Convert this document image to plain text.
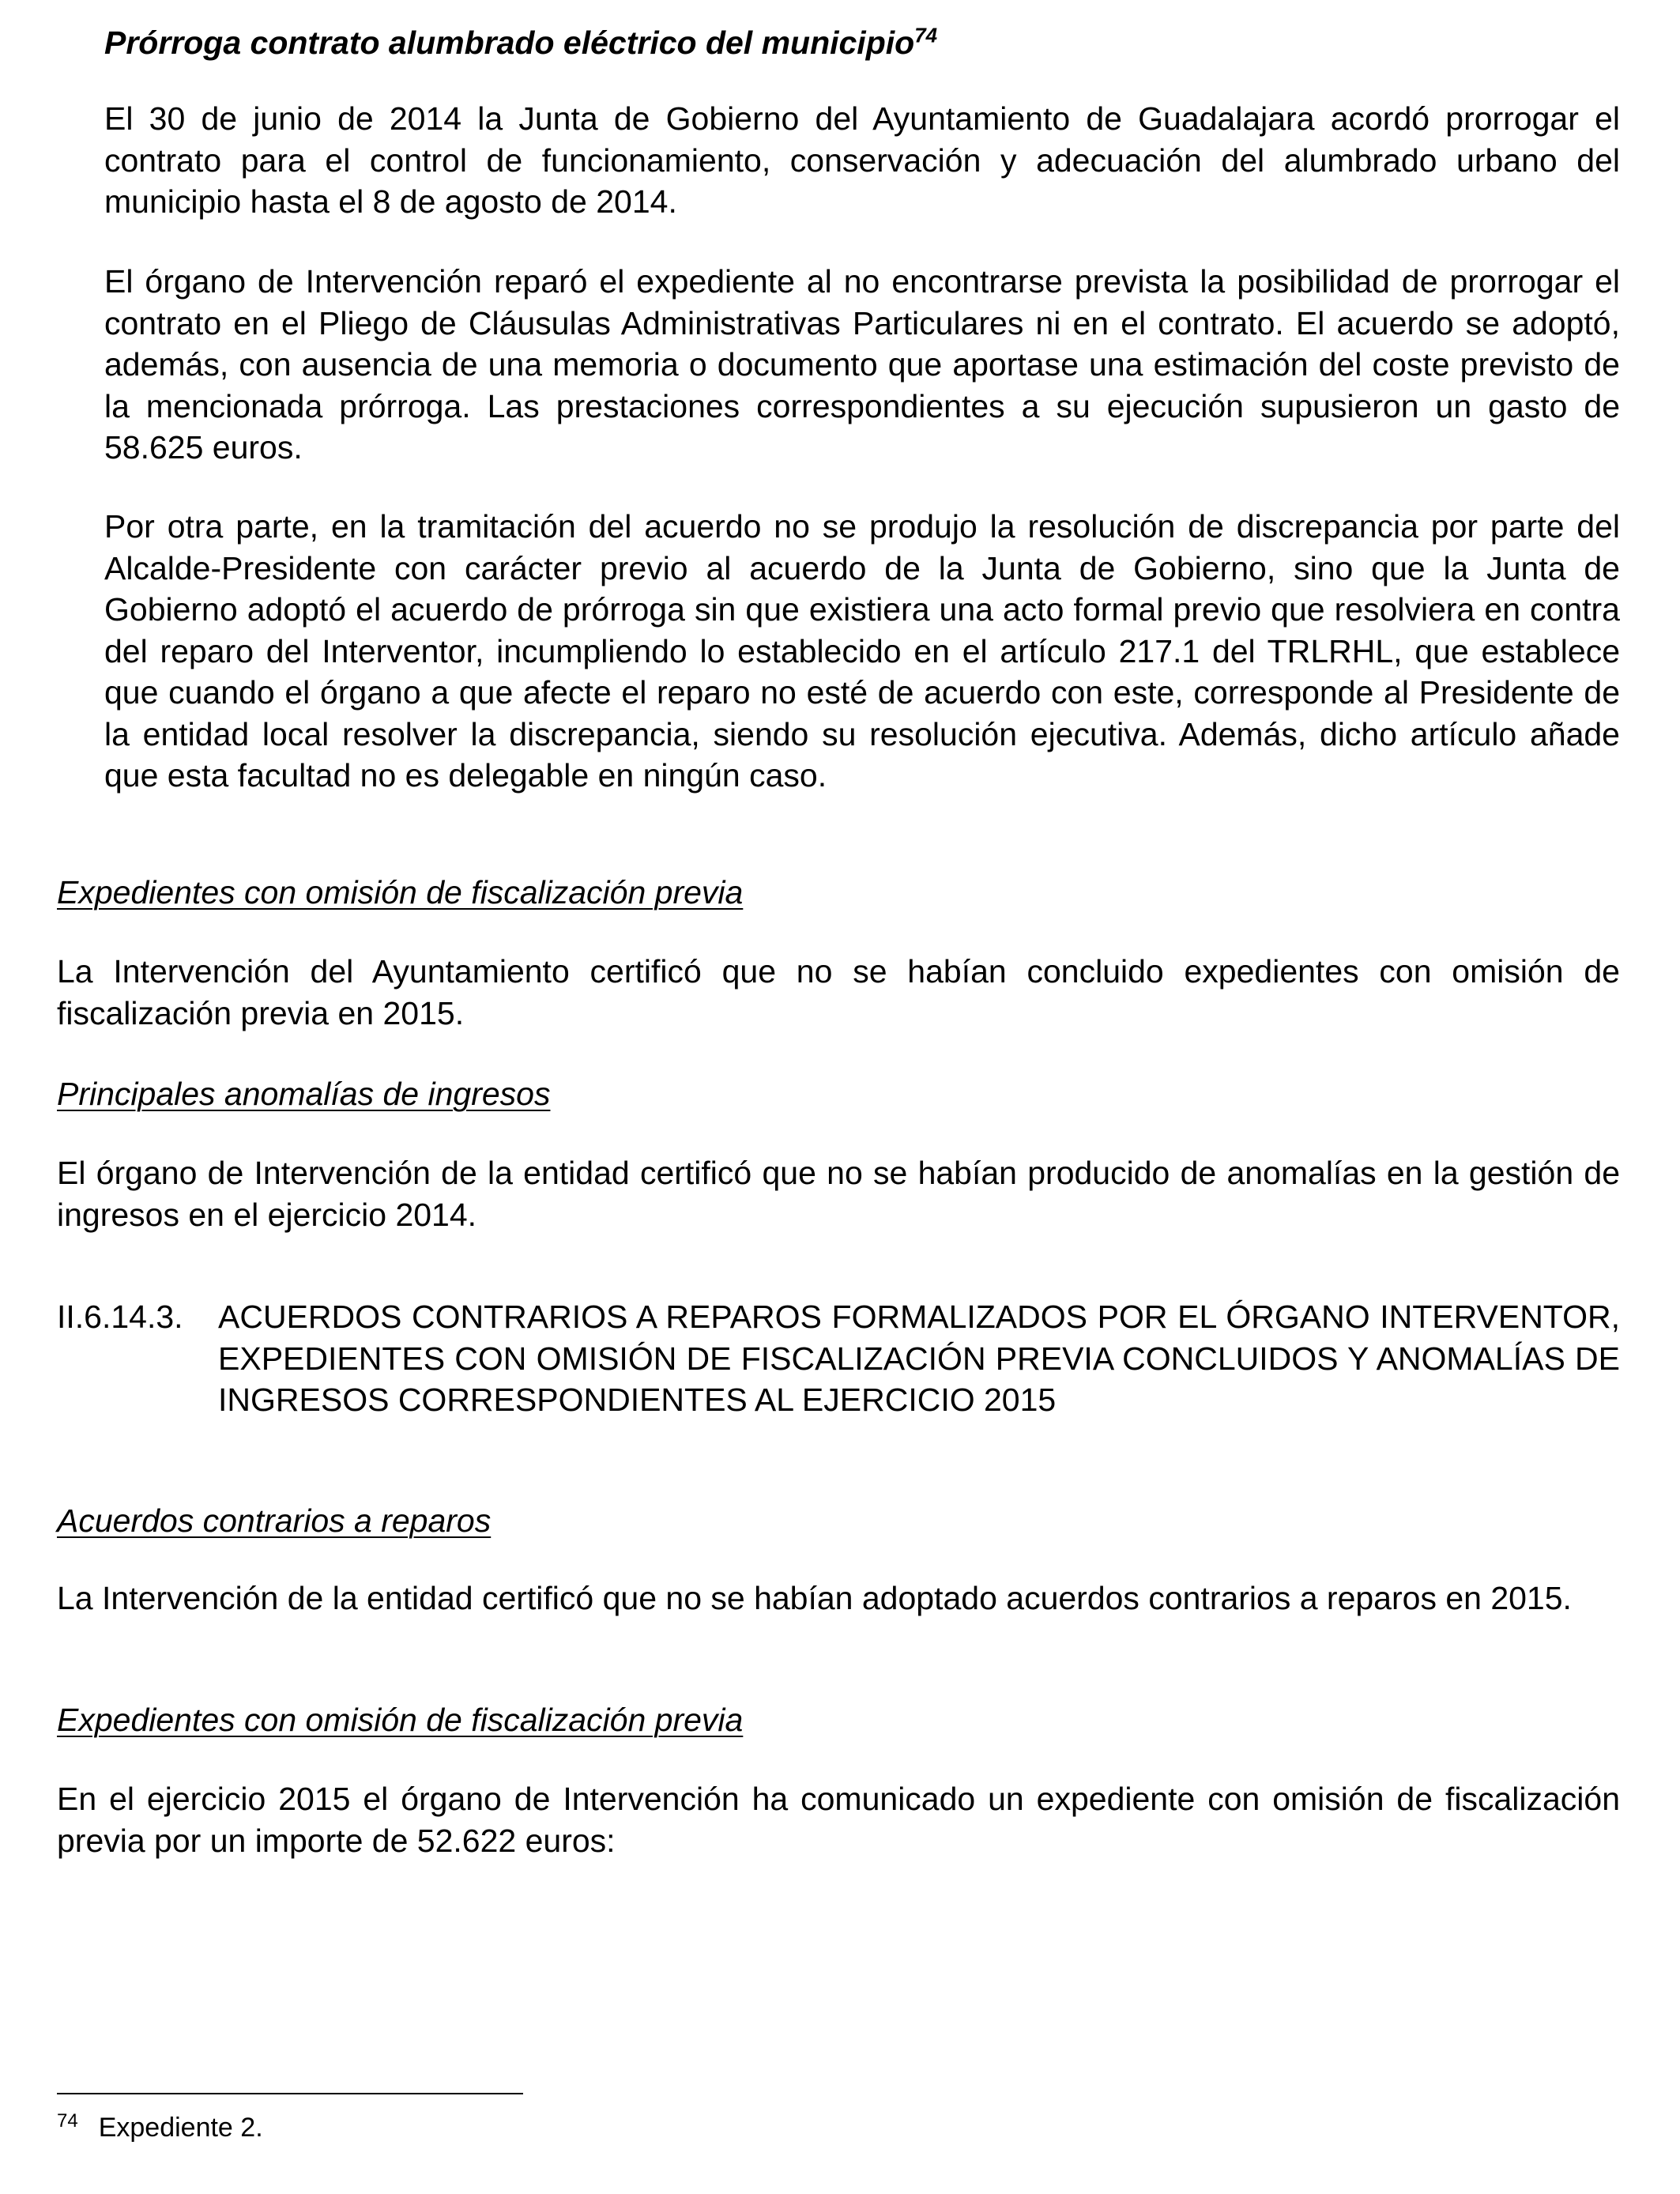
Prórroga contrato alumbrado eléctrico del municipio$^{74}$

El 30 de junio de 2014 la Junta de Gobierno del Ayuntamiento de Guadalajara acordó prorrogar el contrato para el control de funcionamiento, conservación y adecuación del alumbrado urbano del municipio hasta el 8 de agosto de 2014.

El órgano de Intervención reparó el expediente al no encontrarse prevista la posibilidad de prorrogar el contrato en el Pliego de Cláusulas Administrativas Particulares ni en el contrato. El acuerdo se adoptó, además, con ausencia de una memoria o documento que aportase una estimación del coste previsto de la mencionada prórroga. Las prestaciones correspondientes a su ejecución supusieron un gasto de 58.625 euros.

Por otra parte, en la tramitación del acuerdo no se produjo la resolución de discrepancia por parte del Alcalde-Presidente con carácter previo al acuerdo de la Junta de Gobierno, sino que la Junta de Gobierno adoptó el acuerdo de prórroga sin que existiera una acto formal previo que resolviera en contra del reparo del Interventor, incumpliendo lo establecido en el artículo 217.1 del TRLRHL, que establece que cuando el órgano a que afecte el reparo no esté de acuerdo con este, corresponde al Presidente de la entidad local resolver la discrepancia, siendo su resolución ejecutiva. Además, dicho artículo añade que esta facultad no es delegable en ningún caso.

Expedientes con omisión de fiscalización previa

La Intervención del Ayuntamiento certificó que no se habían concluido expedientes con omisión de fiscalización previa en 2015.

Principales anomalías de ingresos

El órgano de Intervención de la entidad certificó que no se habían producido de anomalías en la gestión de ingresos en el ejercicio 2014.

II.6.14.3. ACUERDOS CONTRARIOS A REPAROS FORMALIZADOS POR EL ÓRGANO INTERVENTOR, EXPEDIENTES CON OMISIÓN DE FISCALIZACIÓN PREVIA CONCLUIDOS Y ANOMALÍAS DE INGRESOS CORRESPONDIENTES AL EJERCICIO 2015

Acuerdos contrarios a reparos

La Intervención de la entidad certificó que no se habían adoptado acuerdos contrarios a reparos en 2015.

Expedientes con omisión de fiscalización previa

En el ejercicio 2015 el órgano de Intervención ha comunicado un expediente con omisión de fiscalización previa por un importe de 52.622 euros:

$^{74}$ Expediente 2.
